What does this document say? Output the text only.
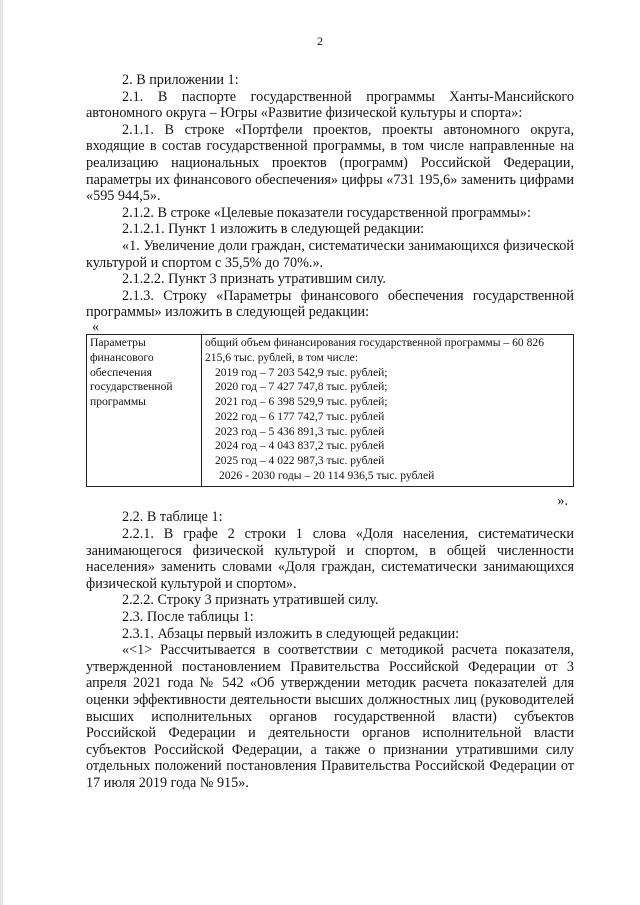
2

2. В приложении 1:

2.1. В паспорте государственной программы Ханты-Мансийского автономного округа – Югры «Развитие физической культуры и спорта»:

2.1.1. В строке «Портфели проектов, проекты автономного округа, входящие в состав государственной программы, в том числе направленные на реализацию национальных проектов (программ) Российской Федерации, параметры их финансового обеспечения» цифры «731 195,6» заменить цифрами «595 944,5».

2.1.2. В строке «Целевые показатели государственной программы»:

2.1.2.1. Пункт 1 изложить в следующей редакции:

«1. Увеличение доли граждан, систематически занимающихся физической культурой и спортом с 35,5% до 70%.».

2.1.2.2. Пункт 3 признать утратившим силу.

2.1.3. Строку «Параметры финансового обеспечения государственной программы» изложить в следующей редакции:

«
Параметры финансового обеспечения государственной программы	
общий объем финансирования государственной программы – 60 826 215,6 тыс. рублей, в том числе:
2019 год – 7 203 542,9 тыс. рублей;
2020 год – 7 427 747,8 тыс. рублей;
2021 год – 6 398 529,9 тыс. рублей;
2022 год – 6 177 742,7 тыс. рублей
2023 год – 5 436 891,3 тыс. рублей
2024 год – 4 043 837,2 тыс. рублей
2025 год – 4 022 987,3 тыс. рублей
2026 - 2030 годы – 20 114 936,5 тыс. рублей
».

2.2. В таблице 1:

2.2.1. В графе 2 строки 1 слова «Доля населения, систематически занимающегося физической культурой и спортом, в общей численности населения» заменить словами «Доля граждан, систематически занимающихся физической культурой и спортом».

2.2.2. Строку 3 признать утратившей силу.

2.3. После таблицы 1:

2.3.1. Абзацы первый изложить в следующей редакции:

«<1> Рассчитывается в соответствии с методикой расчета показателя, утвержденной постановлением Правительства Российской Федерации от 3 апреля 2021 года № 542 «Об утверждении методик расчета показателей для оценки эффективности деятельности высших должностных лиц (руководителей высших исполнительных органов государственной власти) субъектов Российской Федерации и деятельности органов исполнительной власти субъектов Российской Федерации, а также о признании утратившими силу отдельных положений постановления Правительства Российской Федерации от 17 июля 2019 года № 915».
